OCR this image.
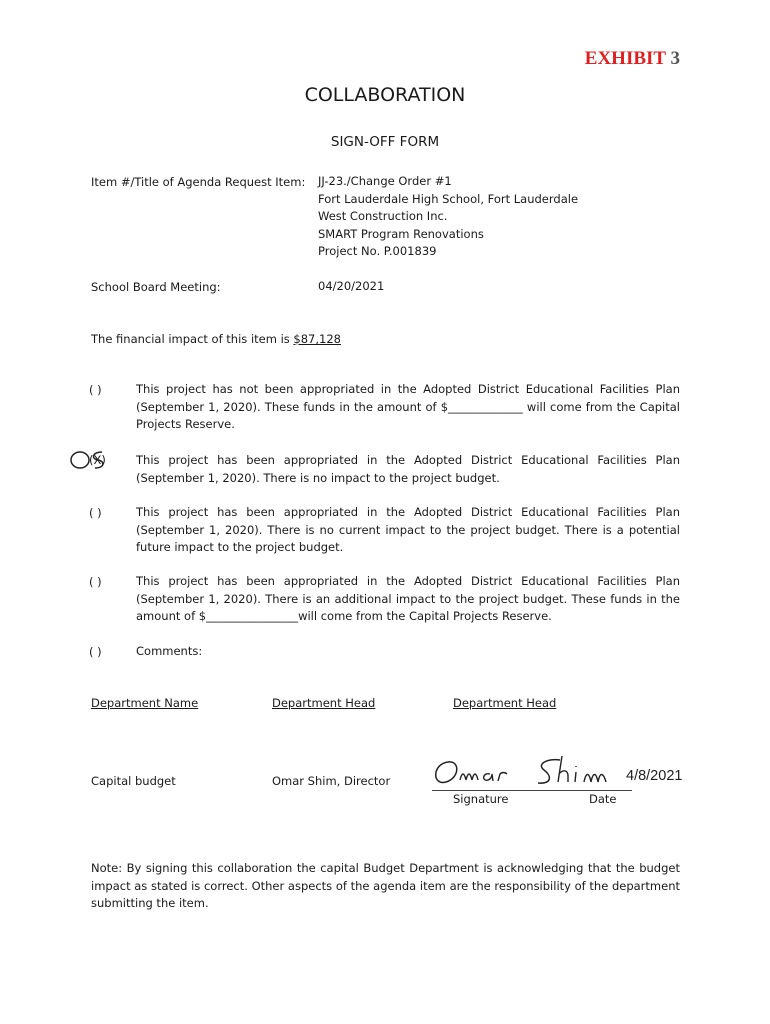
EXHIBIT 3
COLLABORATION
SIGN-OFF FORM
Item #/Title of Agenda Request Item: JJ-23./Change Order #1
Fort Lauderdale High School, Fort Lauderdale
West Construction Inc.
SMART Program Renovations
Project No. P.001839
School Board Meeting:	04/20/2021
The financial impact of this item is $87,128
( )	This project has not been appropriated in the Adopted District Educational Facilities Plan (September 1, 2020). These funds in the amount of $_____________ will come from the Capital Projects Reserve.
(X)	This project has been appropriated in the Adopted District Educational Facilities Plan (September 1, 2020). There is no impact to the project budget.
( )	This project has been appropriated in the Adopted District Educational Facilities Plan (September 1, 2020). There is no current impact to the project budget. There is a potential future impact to the project budget.
( )	This project has been appropriated in the Adopted District Educational Facilities Plan (September 1, 2020). There is an additional impact to the project budget. These funds in the amount of $________________will come from the Capital Projects Reserve.
( )	Comments:
Department Name	Department Head	Department Head
Capital budget	Omar Shim, Director	4/8/2021
Signature	Date
Note: By signing this collaboration the capital Budget Department is acknowledging that the budget impact as stated is correct. Other aspects of the agenda item are the responsibility of the department submitting the item.
